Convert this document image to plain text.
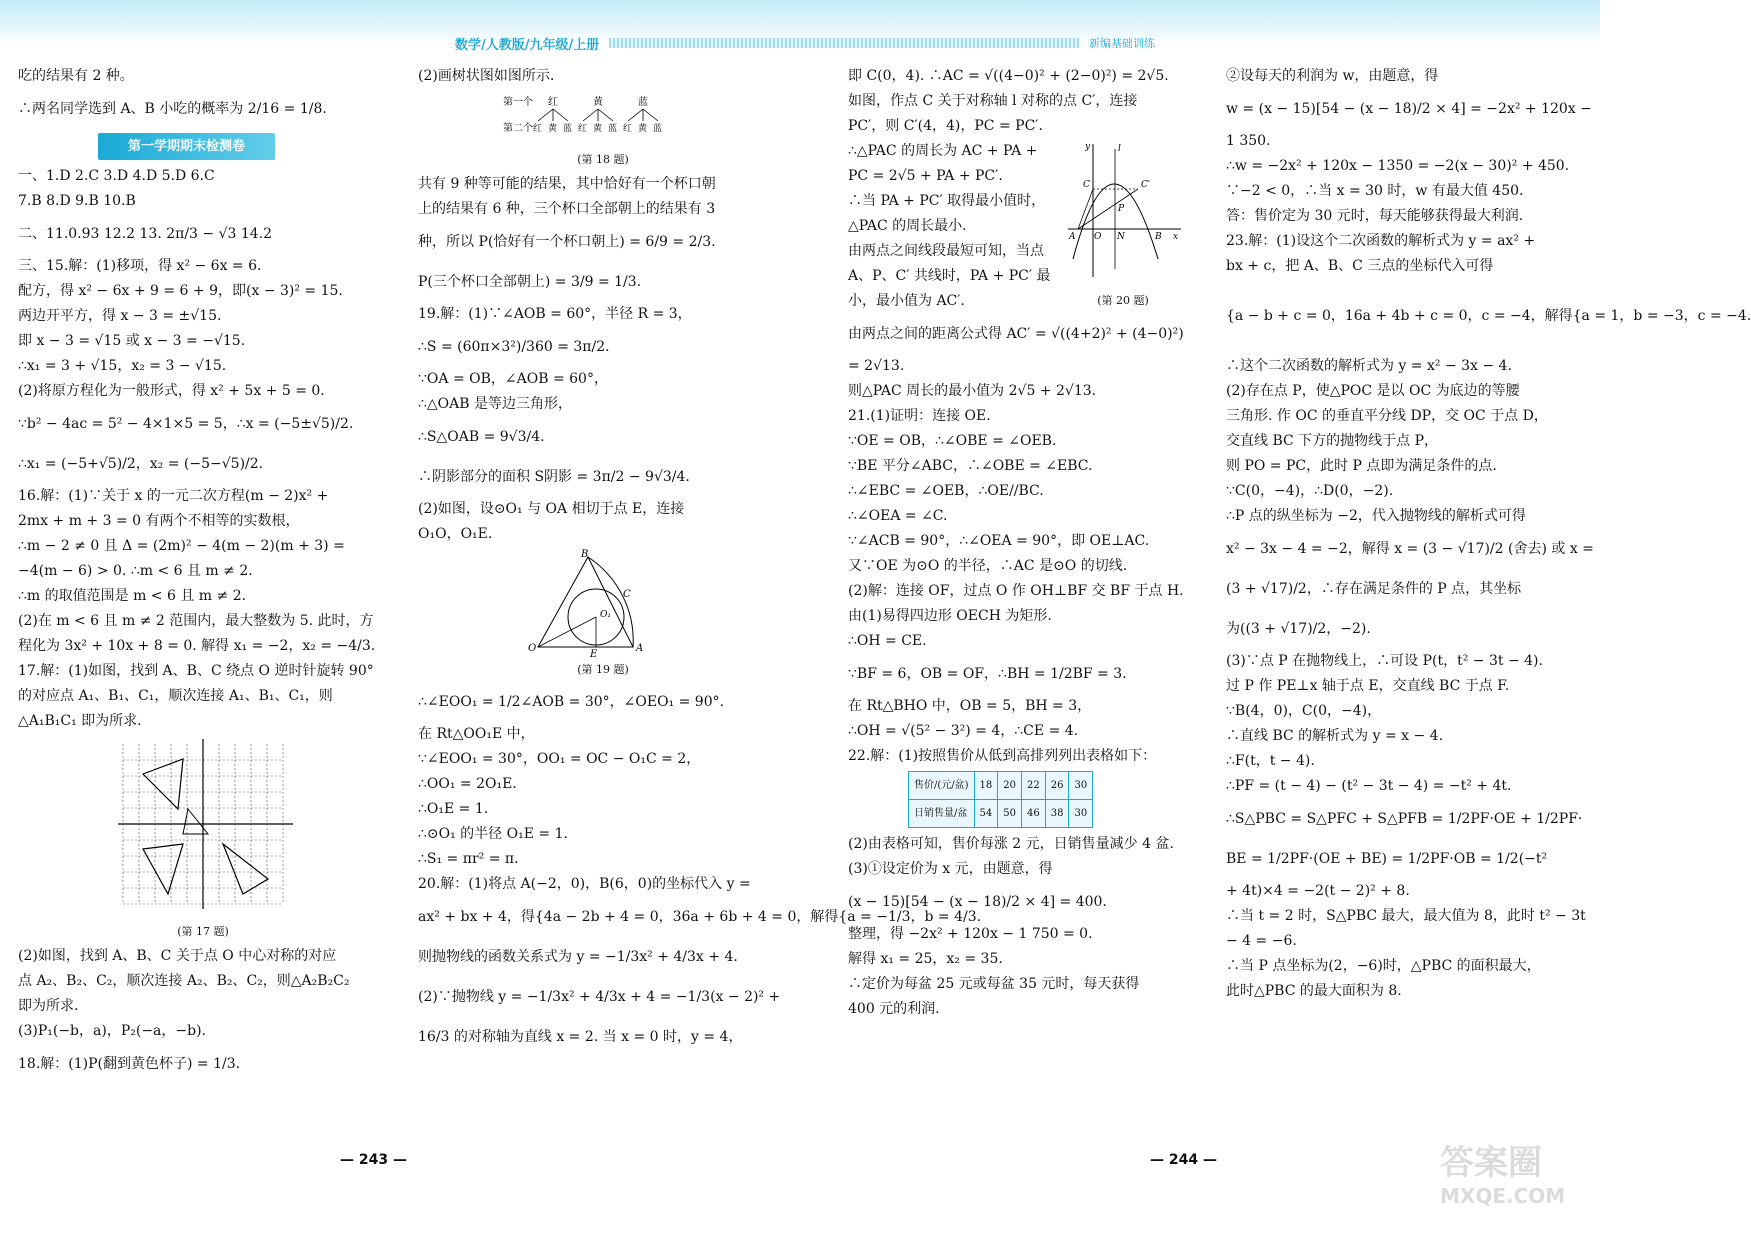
数学/人教版/九年级/上册	新编基础训练
吃的结果有 2 种。
∴两名同学选到 A、B 小吃的概率为 2/16 = 1/8.
第一学期期末检测卷
一、1.D 2.C 3.D 4.D 5.D 6.C
7.B 8.D 9.B 10.B
二、11.0.93 12.2 13. 2π/3 − √3 14.2
三、15.解：(1)移项，得 x² − 6x = 6.
配方，得 x² − 6x + 9 = 6 + 9，即(x − 3)² = 15.
两边开平方，得 x − 3 = ±√15.
即 x − 3 = √15 或 x − 3 = −√15.
∴x₁ = 3 + √15，x₂ = 3 − √15.
(2)将原方程化为一般形式，得 x² + 5x + 5 = 0.
∵b² − 4ac = 5² − 4×1×5 = 5，∴x = (−5±√5)/2.
∴x₁ = (−5+√5)/2，x₂ = (−5−√5)/2.
16.解：(1)∵关于 x 的一元二次方程(m − 2)x² +
2mx + m + 3 = 0 有两个不相等的实数根，
∴m − 2 ≠ 0 且 Δ = (2m)² − 4(m − 2)(m + 3) =
−4(m − 6) > 0. ∴m < 6 且 m ≠ 2.
∴m 的取值范围是 m < 6 且 m ≠ 2.
(2)在 m < 6 且 m ≠ 2 范围内，最大整数为 5. 此时，方
程化为 3x² + 10x + 8 = 0. 解得 x₁ = −2，x₂ = −4/3.
17.解：(1)如图，找到 A、B、C 绕点 O 逆时针旋转 90°
的对应点 A₁、B₁、C₁，顺次连接 A₁、B₁、C₁，则
△A₁B₁C₁ 即为所求.
(第 17 题)
(2)如图，找到 A、B、C 关于点 O 中心对称的对应
点 A₂、B₂、C₂，顺次连接 A₂、B₂、C₂，则△A₂B₂C₂
即为所求.
(3)P₁(−b，a)，P₂(−a，−b).
18.解：(1)P(翻到黄色杯子) = 1/3.
(2)画树状图如图所示.
第一个 红	黄	蓝
第二个 红 黄 蓝 红 黄 蓝 红 黄 蓝
(第 18 题)
共有 9 种等可能的结果，其中恰好有一个杯口朝
上的结果有 6 种，三个杯口全部朝上的结果有 3
种，所以 P(恰好有一个杯口朝上) = 6/9 = 2/3.
P(三个杯口全部朝上) = 3/9 = 1/3.
19.解：(1)∵∠AOB = 60°，半径 R = 3，
∴S = (60π×3²)/360 = 3π/2.
∵OA = OB，∠AOB = 60°，
∴△OAB 是等边三角形，
∴S△OAB = 9√3/4.
∴阴影部分的面积 S阴影 = 3π/2 − 9√3/4.
(2)如图，设⊙O₁ 与 OA 相切于点 E，连接
O₁O，O₁E.
O
B
C
O₁
E
A
(第 19 题)
∴∠EOO₁ = 1/2∠AOB = 30°，∠OEO₁ = 90°.
在 Rt△OO₁E 中，
∵∠EOO₁ = 30°，OO₁ = OC − O₁C = 2，
∴OO₁ = 2O₁E.
∴O₁E = 1.
∴⊙O₁ 的半径 O₁E = 1.
∴S₁ = πr² = π.
20.解：(1)将点 A(−2，0)，B(6，0)的坐标代入 y =
ax² + bx + 4，得{4a − 2b + 4 = 0，36a + 6b + 4 = 0，解得{a = −1/3，b = 4/3.
则抛物线的函数关系式为 y = −1/3x² + 4/3x + 4.
(2)∵抛物线 y = −1/3x² + 4/3x + 4 = −1/3(x − 2)² +
16/3 的对称轴为直线 x = 2. 当 x = 0 时，y = 4，
即 C(0，4). ∴AC = √((4−0)² + (2−0)²) = 2√5.
如图，作点 C 关于对称轴 l 对称的点 C′，连接
PC′，则 C′(4，4)，PC = PC′.
∴△PAC 的周长为 AC + PA +
PC = 2√5 + PA + PC′.
∴当 PA + PC′ 取得最小值时，
△PAC 的周长最小.
由两点之间线段最短可知，当点
A、P、C′ 共线时，PA + PC′ 最
小，最小值为 AC′.
y
x
l
C	C′
P
A O N	B
(第 20 题)
由两点之间的距离公式得 AC′ = √((4+2)² + (4−0)²)
= 2√13.
则△PAC 周长的最小值为 2√5 + 2√13.
21.(1)证明：连接 OE.
∵OE = OB，∴∠OBE = ∠OEB.
∵BE 平分∠ABC，∴∠OBE = ∠EBC.
∴∠EBC = ∠OEB，∴OE//BC.
∴∠OEA = ∠C.
∵∠ACB = 90°，∴∠OEA = 90°，即 OE⊥AC.
又∵OE 为⊙O 的半径，∴AC 是⊙O 的切线.
(2)解：连接 OF，过点 O 作 OH⊥BF 交 BF 于点 H.
由(1)易得四边形 OECH 为矩形.
∴OH = CE.
∵BF = 6，OB = OF，∴BH = 1/2BF = 3.
在 Rt△BHO 中，OB = 5，BH = 3，
∴OH = √(5² − 3²) = 4，∴CE = 4.
22.解：(1)按照售价从低到高排列列出表格如下：
售价/(元/盆)	18	20	22	26	30
日销售量/盆	54	50	46	38	30
(2)由表格可知，售价每涨 2 元，日销售量减少 4 盆.
(3)①设定价为 x 元，由题意，得
(x − 15)[54 − (x − 18)/2 × 4] = 400.
整理，得 −2x² + 120x − 1 750 = 0.
解得 x₁ = 25，x₂ = 35.
∴定价为每盆 25 元或每盆 35 元时，每天获得
400 元的利润.
②设每天的利润为 w，由题意，得
w = (x − 15)[54 − (x − 18)/2 × 4] = −2x² + 120x −
1 350.
∴w = −2x² + 120x − 1350 = −2(x − 30)² + 450.
∵−2 < 0，∴当 x = 30 时，w 有最大值 450.
答：售价定为 30 元时，每天能够获得最大利润.
23.解：(1)设这个二次函数的解析式为 y = ax² +
bx + c，把 A、B、C 三点的坐标代入可得
{a − b + c = 0，16a + 4b + c = 0，c = −4，解得{a = 1，b = −3，c = −4.
∴这个二次函数的解析式为 y = x² − 3x − 4.
(2)存在点 P，使△POC 是以 OC 为底边的等腰
三角形. 作 OC 的垂直平分线 DP，交 OC 于点 D，
交直线 BC 下方的抛物线于点 P，
则 PO = PC，此时 P 点即为满足条件的点.
∵C(0，−4)，∴D(0，−2).
∴P 点的纵坐标为 −2，代入抛物线的解析式可得
x² − 3x − 4 = −2，解得 x = (3 − √17)/2 (舍去) 或 x =
(3 + √17)/2，∴存在满足条件的 P 点，其坐标
为((3 + √17)/2，−2).
(3)∵点 P 在抛物线上，∴可设 P(t，t² − 3t − 4).
过 P 作 PE⊥x 轴于点 E，交直线 BC 于点 F.
∵B(4，0)，C(0，−4)，
∴直线 BC 的解析式为 y = x − 4.
∴F(t，t − 4).
∴PF = (t − 4) − (t² − 3t − 4) = −t² + 4t.
∴S△PBC = S△PFC + S△PFB = 1/2PF·OE + 1/2PF·
BE = 1/2PF·(OE + BE) = 1/2PF·OB = 1/2(−t²
+ 4t)×4 = −2(t − 2)² + 8.
∴当 t = 2 时，S△PBC 最大，最大值为 8，此时 t² − 3t
− 4 = −6.
∴当 P 点坐标为(2，−6)时，△PBC 的面积最大，
此时△PBC 的最大面积为 8.
— 243 —	— 244 —	答案圈
MXQE.COM
